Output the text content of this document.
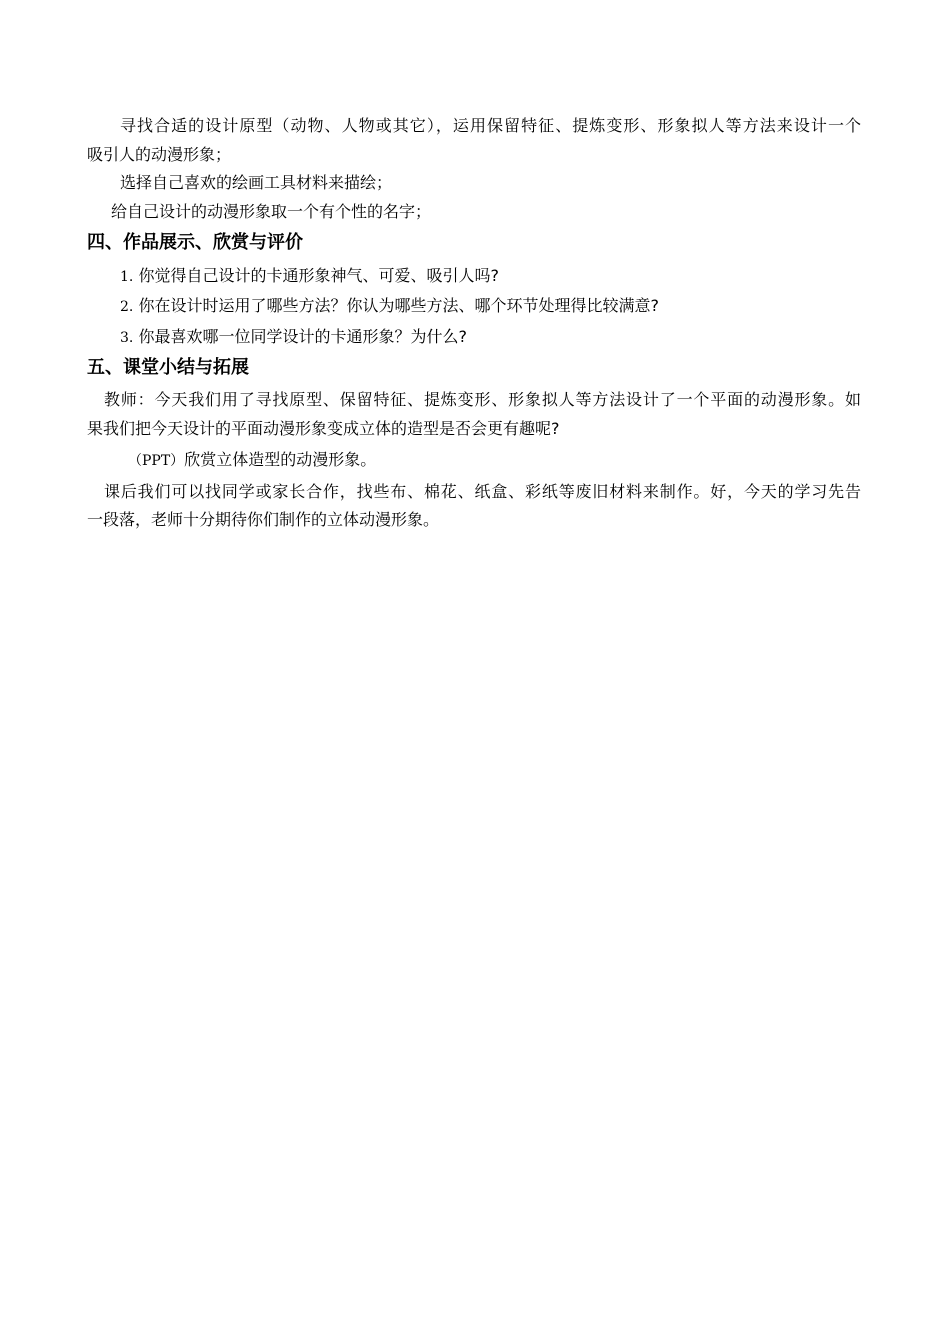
寻找合适的设计原型（动物、人物或其它），运用保留特征、提炼变形、形象拟人等方法来设计一个
吸引人的动漫形象；
选择自己喜欢的绘画工具材料来描绘；
给自己设计的动漫形象取一个有个性的名字；
四、作品展示、欣赏与评价
1. 你觉得自己设计的卡通形象神气、可爱、吸引人吗?
2. 你在设计时运用了哪些方法？你认为哪些方法、哪个环节处理得比较满意?
3. 你最喜欢哪一位同学设计的卡通形象？为什么?
五、课堂小结与拓展
教师：今天我们用了寻找原型、保留特征、提炼变形、形象拟人等方法设计了一个平面的动漫形象。如
果我们把今天设计的平面动漫形象变成立体的造型是否会更有趣呢?
（PPT）欣赏立体造型的动漫形象。
课后我们可以找同学或家长合作，找些布、棉花、纸盒、彩纸等废旧材料来制作。好，今天的学习先告
一段落，老师十分期待你们制作的立体动漫形象。
